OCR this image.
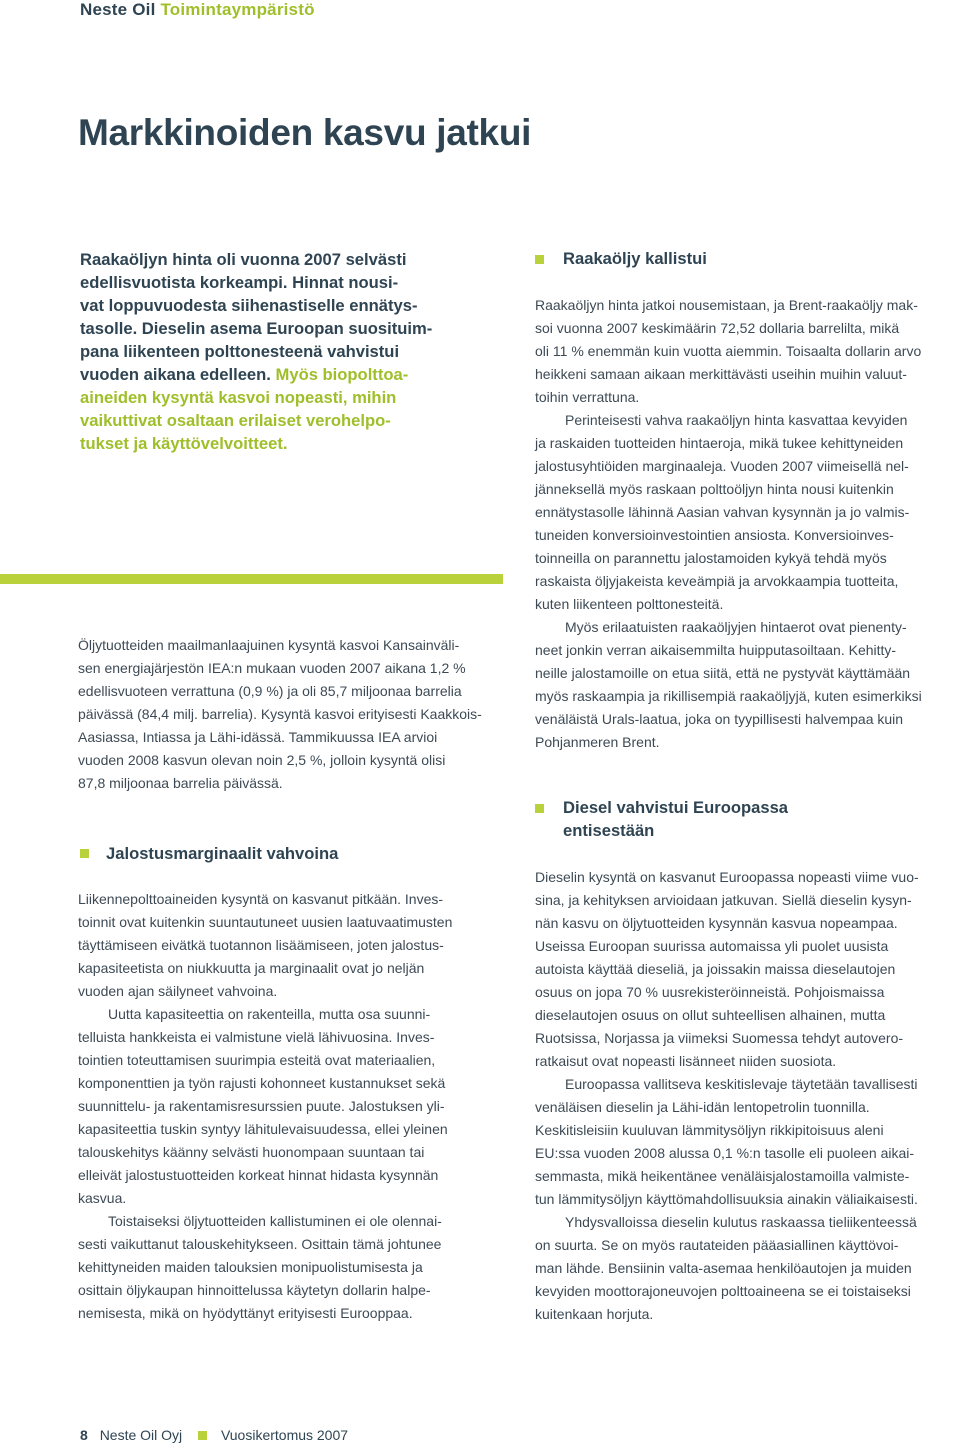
Neste Oil Toimintaympäristö
Markkinoiden kasvu jatkui
Raakaöljyn hinta oli vuonna 2007 selvästi
edellisvuotista korkeampi. Hinnat nousi-
vat loppuvuodesta siihenastiselle ennätys-
tasolle. Dieselin asema Euroopan suosituim-
pana liikenteen polttonesteenä vahvistui
vuoden aikana edelleen. Myös biopolttoa-
aineiden kysyntä kasvoi nopeasti, mihin
vaikuttivat osaltaan erilaiset verohelpo-
tukset ja käyttövelvoitteet.
Öljytuotteiden maailmanlaajuinen kysyntä kasvoi Kansainväli-
sen energiajärjestön IEA:n mukaan vuoden 2007 aikana 1,2 %
edellisvuoteen verrattuna (0,9 %) ja oli 85,7 miljoonaa barrelia
päivässä (84,4 milj. barrelia). Kysyntä kasvoi erityisesti Kaakkois-
Aasiassa, Intiassa ja Lähi-idässä. Tammikuussa IEA arvioi
vuoden 2008 kasvun olevan noin 2,5 %, jolloin kysyntä olisi
87,8 miljoonaa barrelia päivässä.
Jalostusmarginaalit vahvoina
Liikennepolttoaineiden kysyntä on kasvanut pitkään. Inves-
toinnit ovat kuitenkin suuntautuneet uusien laatuvaatimusten
täyttämiseen eivätkä tuotannon lisäämiseen, joten jalostus-
kapasiteetista on niukkuutta ja marginaalit ovat jo neljän
vuoden ajan säilyneet vahvoina.
Uutta kapasiteettia on rakenteilla, mutta osa suunni-
telluista hankkeista ei valmistune vielä lähivuosina. Inves-
tointien toteuttamisen suurimpia esteitä ovat materiaalien,
komponenttien ja työn rajusti kohonneet kustannukset sekä
suunnittelu- ja rakentamisresurssien puute. Jalostuksen yli-
kapasiteettia tuskin syntyy lähitulevaisuudessa, ellei yleinen
talouskehitys käänny selvästi huonompaan suuntaan tai
elleivät jalostustuotteiden korkeat hinnat hidasta kysynnän
kasvua.
Toistaiseksi öljytuotteiden kallistuminen ei ole olennai-
sesti vaikuttanut talouskehitykseen. Osittain tämä johtunee
kehittyneiden maiden talouksien monipuolistumisesta ja
osittain öljykaupan hinnoittelussa käytetyn dollarin halpe-
nemisesta, mikä on hyödyttänyt erityisesti Eurooppaa.
Raakaöljy kallistui
Raakaöljyn hinta jatkoi nousemistaan, ja Brent-raakaöljy mak-
soi vuonna 2007 keskimäärin 72,52 dollaria barrelilta, mikä
oli 11 % enemmän kuin vuotta aiemmin. Toisaalta dollarin arvo
heikkeni samaan aikaan merkittävästi useihin muihin valuut-
toihin verrattuna.
Perinteisesti vahva raakaöljyn hinta kasvattaa kevyiden
ja raskaiden tuotteiden hintaeroja, mikä tukee kehittyneiden
jalostusyhtiöiden marginaaleja. Vuoden 2007 viimeisellä nel-
jänneksellä myös raskaan polttoöljyn hinta nousi kuitenkin
ennätystasolle lähinnä Aasian vahvan kysynnän ja jo valmis-
tuneiden konversioinvestointien ansiosta. Konversioinves-
toinneilla on parannettu jalostamoiden kykyä tehdä myös
raskaista öljyjakeista keveämpiä ja arvokkaampia tuotteita,
kuten liikenteen polttonesteitä.
Myös erilaatuisten raakaöljyjen hintaerot ovat pienenty-
neet jonkin verran aikaisemmilta huipputasoiltaan. Kehitty-
neille jalostamoille on etua siitä, että ne pystyvät käyttämään
myös raskaampia ja rikillisempiä raakaöljyjä, kuten esimerkiksi
venäläistä Urals-laatua, joka on tyypillisesti halvempaa kuin
Pohjanmeren Brent.
Diesel vahvistui Euroopassa
entisestään
Dieselin kysyntä on kasvanut Euroopassa nopeasti viime vuo-
sina, ja kehityksen arvioidaan jatkuvan. Siellä dieselin kysyn-
nän kasvu on öljytuotteiden kysynnän kasvua nopeampaa.
Useissa Euroopan suurissa automaissa yli puolet uusista
autoista käyttää dieseliä, ja joissakin maissa dieselautojen
osuus on jopa 70 % uusrekisteröinneistä. Pohjoismaissa
dieselautojen osuus on ollut suhteellisen alhainen, mutta
Ruotsissa, Norjassa ja viimeksi Suomessa tehdyt autovero-
ratkaisut ovat nopeasti lisänneet niiden suosiota.
Euroopassa vallitseva keskitislevaje täytetään tavallisesti
venäläisen dieselin ja Lähi-idän lentopetrolin tuonnilla.
Keskitisleisiin kuuluvan lämmitysöljyn rikkipitoisuus aleni
EU:ssa vuoden 2008 alussa 0,1 %:n tasolle eli puoleen aikai-
semmasta, mikä heikentänee venäläisjalostamoilla valmiste-
tun lämmitysöljyn käyttömahdollisuuksia ainakin väliaikaisesti.
Yhdysvalloissa dieselin kulutus raskaassa tieliikenteessä
on suurta. Se on myös rautateiden pääasiallinen käyttövoi-
man lähde. Bensiinin valta-asemaa henkilöautojen ja muiden
kevyiden moottorajoneuvojen polttoaineena se ei toistaiseksi
kuitenkaan horjuta.
8 Neste Oil Oyj	Vuosikertomus 2007
